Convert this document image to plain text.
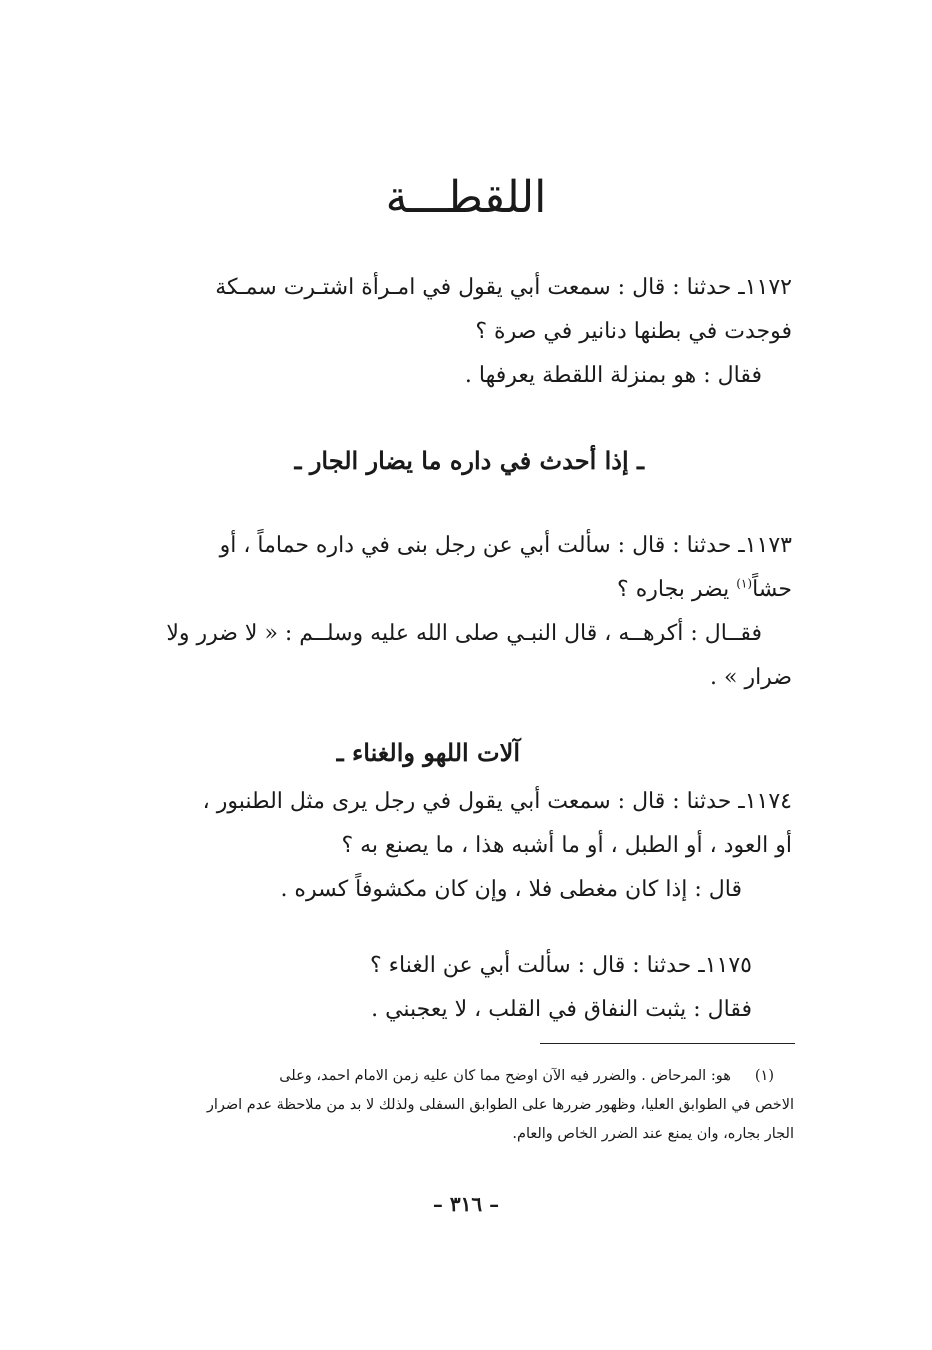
اللقطـــة
١١٧٢ـ حدثنا : قال : سمعت أبي يقول في امـرأة اشتـرت سمـكة
فوجدت في بطنها دنانير في صرة ؟
فقال : هو بمنزلة اللقطة يعرفها .
ـ إذا أحدث في داره ما يضار الجار ـ
١١٧٣ـ حدثنا : قال : سألت أبي عن رجل بنى في داره حماماً ، أو
حشاً$^{(١)}$ يضر بجاره ؟
فقــال : أكرهــه ، قال النبـي صلى الله عليه وسلــم : « لا ضرر ولا
ضرار » .
آلات اللهو والغناء ـ
١١٧٤ـ حدثنا : قال : سمعت أبي يقول في رجل يرى مثل الطنبور ،
أو العود ، أو الطبل ، أو ما أشبه هذا ، ما يصنع به ؟
قال : إذا كان مغطى فلا ، وإن كان مكشوفاً كسره .
١١٧٥ـ حدثنا : قال : سألت أبي عن الغناء ؟
فقال : يثبت النفاق في القلب ، لا يعجبني .
(١)هو: المرحاض . والضرر فيه الآن اوضح مما كان عليه زمن الامام احمد، وعلى
الاخص في الطوابق العليا، وظهور ضررها على الطوابق السفلى ولذلك لا بد من ملاحظة عدم اضرار
الجار بجاره، وان يمنع عند الضرر الخاص والعام.
– ٣١٦ –
